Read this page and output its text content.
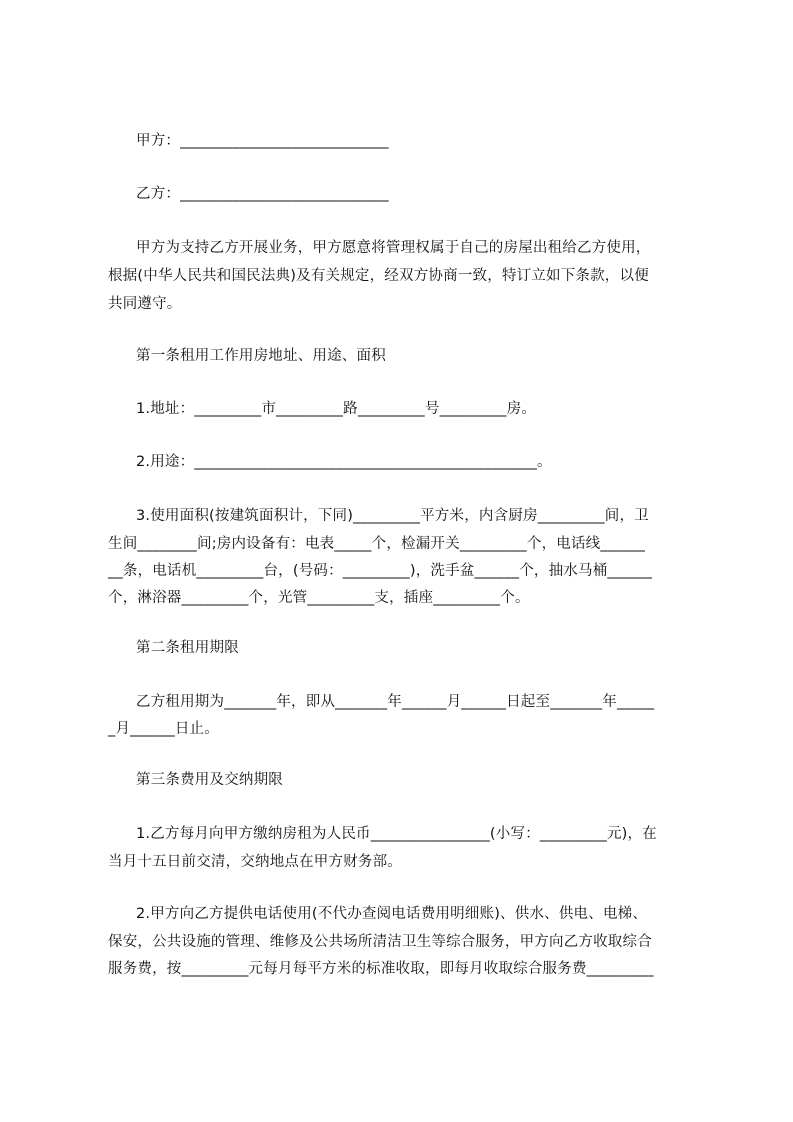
甲方：____________________________
乙方：____________________________
甲方为支持乙方开展业务，甲方愿意将管理权属于自己的房屋出租给乙方使用，
根据(中华人民共和国民法典)及有关规定，经双方协商一致，特订立如下条款，以便
共同遵守。
第一条租用工作用房地址、用途、面积
1.地址：_________市_________路_________号_________房。
2.用途：______________________________________________。
3.使用面积(按建筑面积计，下同)_________平方米，内含厨房_________间，卫
生间________间;房内设备有：电表_____个，检漏开关_________个，电话线______
__条，电话机_________台，(号码：_________)，洗手盆______个，抽水马桶______
个，淋浴器_________个，光管_________支，插座_________个。
第二条租用期限
乙方租用期为_______年，即从_______年______月______日起至_______年_____
_月______日止。
第三条费用及交纳期限
1.乙方每月向甲方缴纳房租为人民币________________(小写：_________元)，在
当月十五日前交清，交纳地点在甲方财务部。
2.甲方向乙方提供电话使用(不代办查阅电话费用明细账)、供水、供电、电梯、
保安，公共设施的管理、维修及公共场所清洁卫生等综合服务，甲方向乙方收取综合
服务费，按_________元每月每平方米的标准收取，即每月收取综合服务费_________
